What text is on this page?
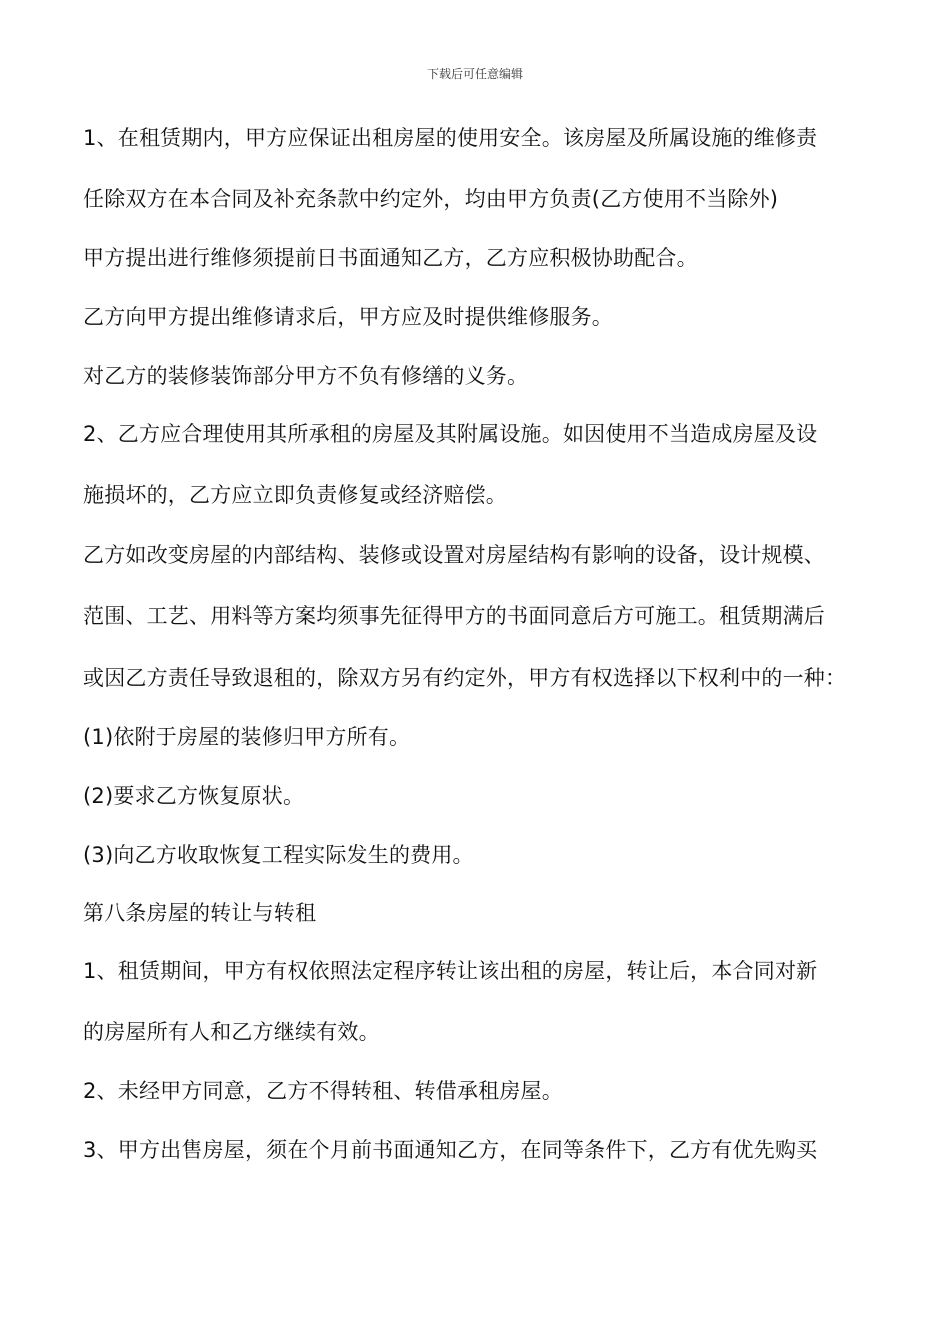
下载后可任意编辑
1、在租赁期内，甲方应保证出租房屋的使用安全。该房屋及所属设施的维修责
任除双方在本合同及补充条款中约定外，均由甲方负责(乙方使用不当除外)
甲方提出进行维修须提前日书面通知乙方，乙方应积极协助配合。
乙方向甲方提出维修请求后，甲方应及时提供维修服务。
对乙方的装修装饰部分甲方不负有修缮的义务。
2、乙方应合理使用其所承租的房屋及其附属设施。如因使用不当造成房屋及设
施损坏的，乙方应立即负责修复或经济赔偿。
乙方如改变房屋的内部结构、装修或设置对房屋结构有影响的设备，设计规模、
范围、工艺、用料等方案均须事先征得甲方的书面同意后方可施工。租赁期满后
或因乙方责任导致退租的，除双方另有约定外，甲方有权选择以下权利中的一种：
(1)依附于房屋的装修归甲方所有。
(2)要求乙方恢复原状。
(3)向乙方收取恢复工程实际发生的费用。
第八条房屋的转让与转租
1、租赁期间，甲方有权依照法定程序转让该出租的房屋，转让后，本合同对新
的房屋所有人和乙方继续有效。
2、未经甲方同意，乙方不得转租、转借承租房屋。
3、甲方出售房屋，须在个月前书面通知乙方，在同等条件下，乙方有优先购买
